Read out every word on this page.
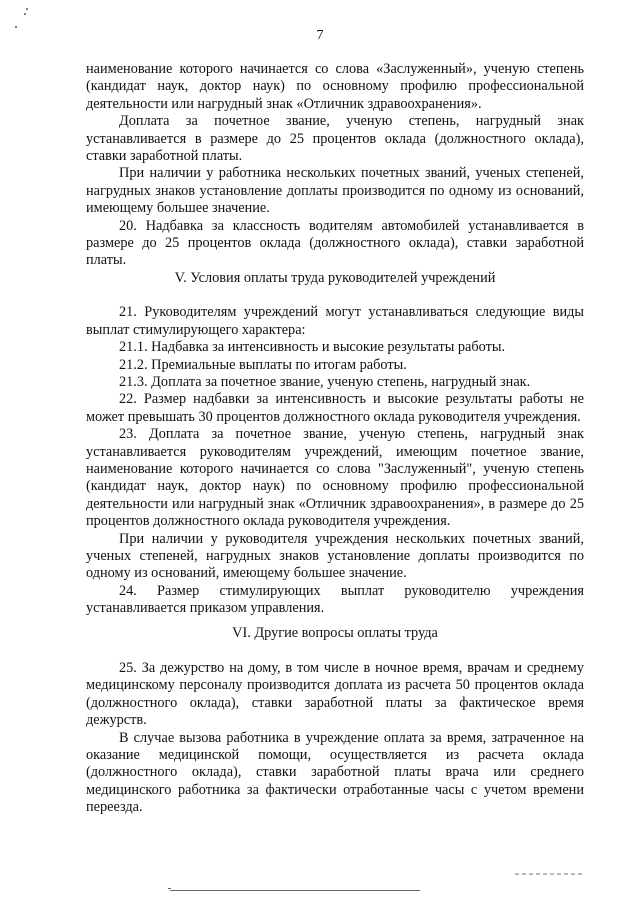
7

наименование которого начинается со слова «Заслуженный», ученую степень (кандидат наук, доктор наук) по основному профилю профессиональной деятельности или нагрудный знак «Отличник здравоохранения».

Доплата за почетное звание, ученую степень, нагрудный знак устанавливается в размере до 25 процентов оклада (должностного оклада), ставки заработной платы.

При наличии у работника нескольких почетных званий, ученых степеней, нагрудных знаков установление доплаты производится по одному из оснований, имеющему большее значение.

20. Надбавка за классность водителям автомобилей устанавливается в размере до 25 процентов оклада (должностного оклада), ставки заработной платы.

V. Условия оплаты труда руководителей учреждений

21. Руководителям учреждений могут устанавливаться следующие виды выплат стимулирующего характера:

21.1. Надбавка за интенсивность и высокие результаты работы.

21.2. Премиальные выплаты по итогам работы.

21.3. Доплата за почетное звание, ученую степень, нагрудный знак.

22. Размер надбавки за интенсивность и высокие результаты работы не может превышать 30 процентов должностного оклада руководителя учреждения.

23. Доплата за почетное звание, ученую степень, нагрудный знак устанавливается руководителям учреждений, имеющим почетное звание, наименование которого начинается со слова "Заслуженный", ученую степень (кандидат наук, доктор наук) по основному профилю профессиональной деятельности или нагрудный знак «Отличник здравоохранения», в размере до 25 процентов должностного оклада руководителя учреждения.

При наличии у руководителя учреждения нескольких почетных званий, ученых степеней, нагрудных знаков установление доплаты производится по одному из оснований, имеющему большее значение.

24. Размер стимулирующих выплат руководителю учреждения устанавливается приказом управления.

VI. Другие вопросы оплаты труда

25. За дежурство на дому, в том числе в ночное время, врачам и среднему медицинскому персоналу производится доплата из расчета 50 процентов оклада (должностного оклада), ставки заработной платы за фактическое время дежурств.

В случае вызова работника в учреждение оплата за время, затраченное на оказание медицинской помощи, осуществляется из расчета оклада (должностного оклада), ставки заработной платы врача или среднего медицинского работника за фактически отработанные часы с учетом времени переезда.
